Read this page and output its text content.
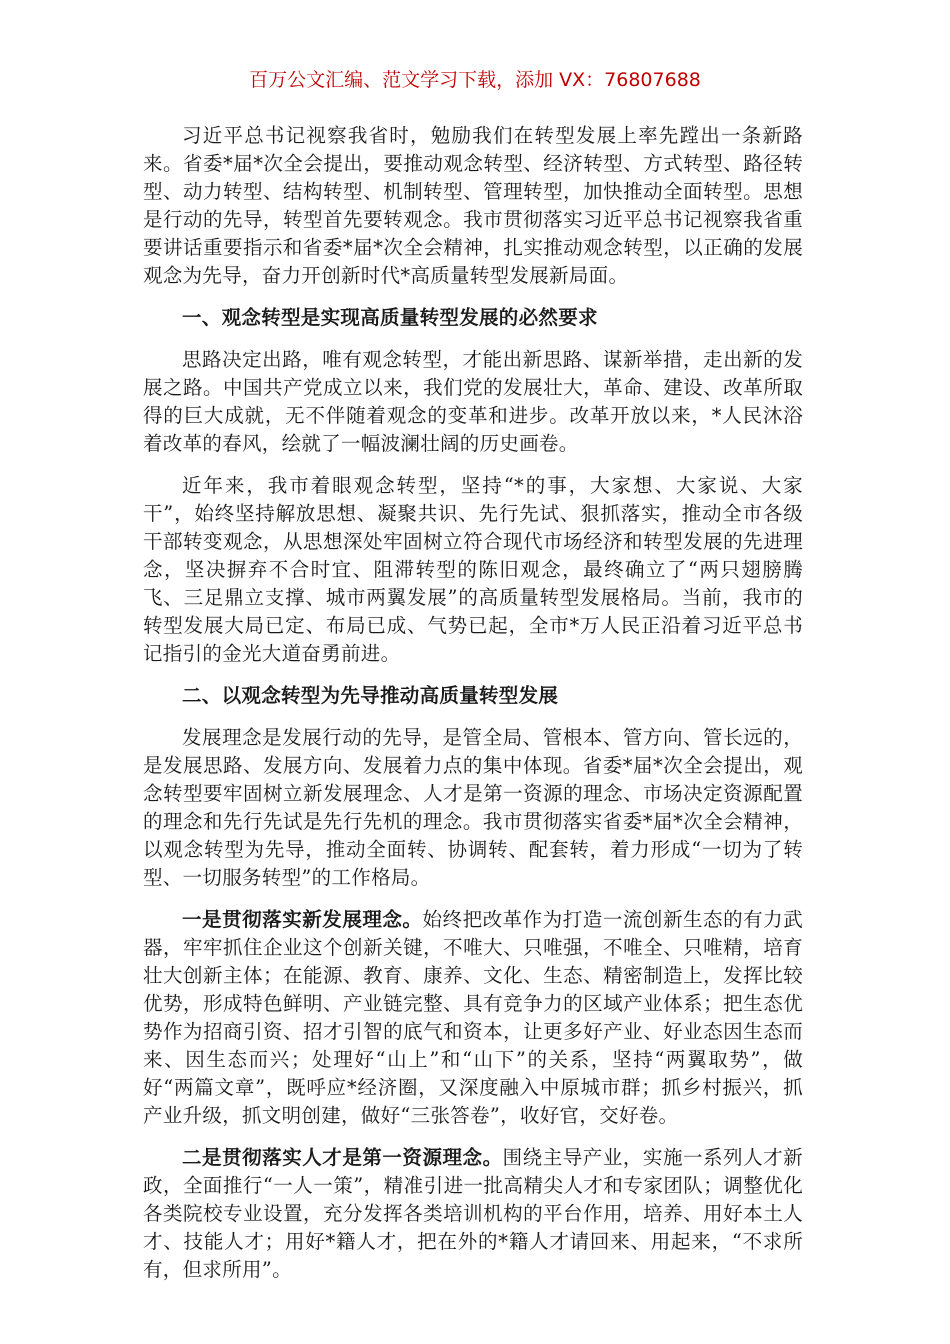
百万公文汇编、范文学习下载，添加 VX：76807688

习近平总书记视察我省时，勉励我们在转型发展上率先蹚出一条新路来。省委*届*次全会提出，要推动观念转型、经济转型、方式转型、路径转型、动力转型、结构转型、机制转型、管理转型，加快推动全面转型。思想是行动的先导，转型首先要转观念。我市贯彻落实习近平总书记视察我省重要讲话重要指示和省委*届*次全会精神，扎实推动观念转型，以正确的发展观念为先导，奋力开创新时代*高质量转型发展新局面。

一、观念转型是实现高质量转型发展的必然要求

思路决定出路，唯有观念转型，才能出新思路、谋新举措，走出新的发展之路。中国共产党成立以来，我们党的发展壮大，革命、建设、改革所取得的巨大成就，无不伴随着观念的变革和进步。改革开放以来，*人民沐浴着改革的春风，绘就了一幅波澜壮阔的历史画卷。

近年来，我市着眼观念转型，坚持“*的事，大家想、大家说、大家干”，始终坚持解放思想、凝聚共识、先行先试、狠抓落实，推动全市各级干部转变观念，从思想深处牢固树立符合现代市场经济和转型发展的先进理念，坚决摒弃不合时宜、阻滞转型的陈旧观念，最终确立了“两只翅膀腾飞、三足鼎立支撑、城市两翼发展”的高质量转型发展格局。当前，我市的转型发展大局已定、布局已成、气势已起，全市*万人民正沿着习近平总书记指引的金光大道奋勇前进。

二、以观念转型为先导推动高质量转型发展

发展理念是发展行动的先导，是管全局、管根本、管方向、管长远的，是发展思路、发展方向、发展着力点的集中体现。省委*届*次全会提出，观念转型要牢固树立新发展理念、人才是第一资源的理念、市场决定资源配置的理念和先行先试是先行先机的理念。我市贯彻落实省委*届*次全会精神，以观念转型为先导，推动全面转、协调转、配套转，着力形成“一切为了转型、一切服务转型”的工作格局。

一是贯彻落实新发展理念。始终把改革作为打造一流创新生态的有力武器，牢牢抓住企业这个创新关键，不唯大、只唯强，不唯全、只唯精，培育壮大创新主体；在能源、教育、康养、文化、生态、精密制造上，发挥比较优势，形成特色鲜明、产业链完整、具有竞争力的区域产业体系；把生态优势作为招商引资、招才引智的底气和资本，让更多好产业、好业态因生态而来、因生态而兴；处理好“山上”和“山下”的关系，坚持“两翼取势”，做好“两篇文章”，既呼应*经济圈，又深度融入中原城市群；抓乡村振兴，抓产业升级，抓文明创建，做好“三张答卷”，收好官，交好卷。

二是贯彻落实人才是第一资源理念。围绕主导产业，实施一系列人才新政，全面推行“一人一策”，精准引进一批高精尖人才和专家团队；调整优化各类院校专业设置，充分发挥各类培训机构的平台作用，培养、用好本土人才、技能人才；用好*籍人才，把在外的*籍人才请回来、用起来，“不求所有，但求所用”。
